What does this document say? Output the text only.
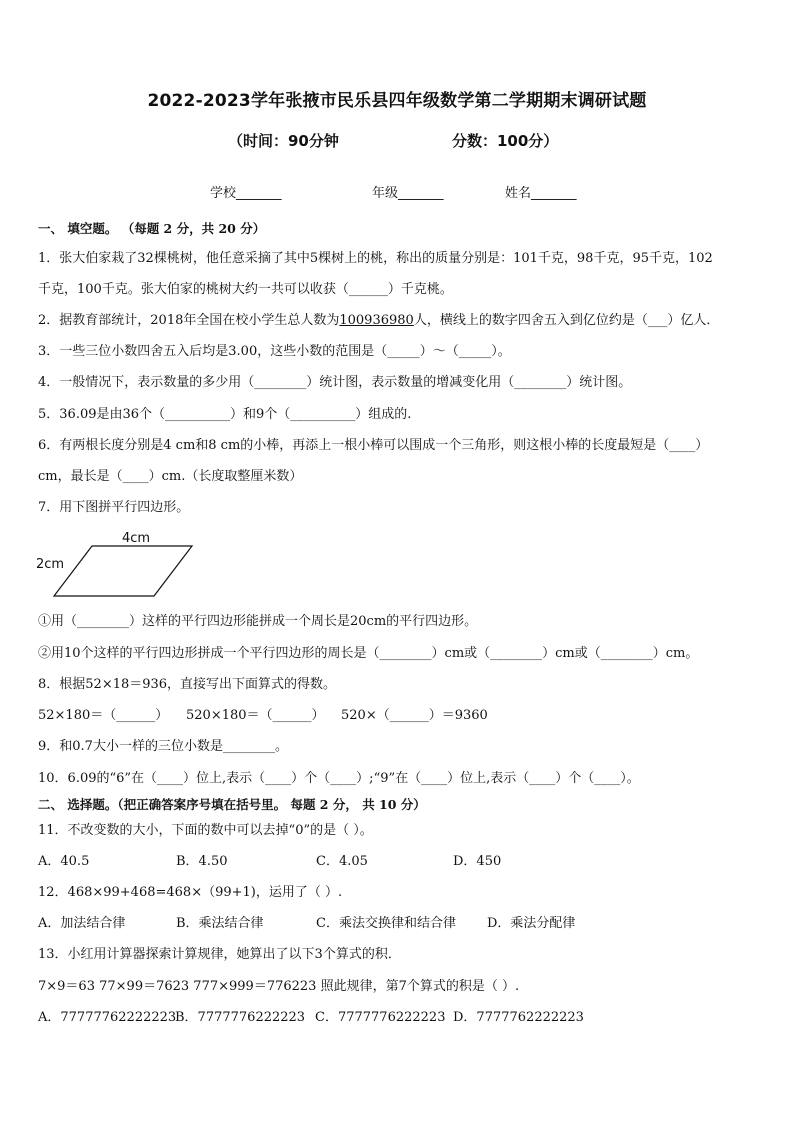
2022-2023学年张掖市民乐县四年级数学第二学期期末调研试题
（时间：90分钟	分数：100分）
学校_______	年级_______	姓名_______
一、 填空题。 （每题 2 分，共 20 分）
1．张大伯家栽了32棵桃树，他任意采摘了其中5棵树上的桃，称出的质量分别是：101千克，98千克，95千克，102
千克，100千克。张大伯家的桃树大约一共可以收获（______）千克桃。
2．据教育部统计，2018年全国在校小学生总人数为100936980人，横线上的数字四舍五入到亿位约是（___）亿人．
3．一些三位小数四舍五入后均是3.00，这些小数的范围是（_____）～（_____）。
4．一般情况下，表示数量的多少用（________）统计图，表示数量的增减变化用（________）统计图。
5．36.09是由36个（__________）和9个（__________）组成的.
6．有两根长度分别是4 cm和8 cm的小棒，再添上一根小棒可以围成一个三角形，则这根小棒的长度最短是（____）
cm，最长是（____）cm.（长度取整厘米数）
7．用下图拼平行四边形。
4cm
2cm
①用（________）这样的平行四边形能拼成一个周长是20cm的平行四边形。
②用10个这样的平行四边形拼成一个平行四边形的周长是（________）cm或（________）cm或（________）cm。
8．根据52×18＝936，直接写出下面算式的得数。
52×180＝（______） 520×180＝（______） 520×（______）＝9360
9．和0.7大小一样的三位小数是________。
10．6.09的“6”在（____）位上,表示（____）个（____）;“9”在（____）位上,表示（____）个（____）。
二、 选择题。（把正确答案序号填在括号里。 每题 2 分， 共 10 分）
11．不改变数的大小，下面的数中可以去掉“0”的是（ ）。
A．40.5	B．4.50	C．4.05	D．450
12．468×99+468=468×（99+1)，运用了（ ）.
A．加法结合律	B．乘法结合律	C．乘法交换律和结合律 D．乘法分配律
13．小红用计算器探索计算规律，她算出了以下3个算式的积．
7×9＝63 77×99＝7623 777×999＝776223 照此规律，第7个算式的积是（ ）.
A．77777762222223
B．7777776222223 C．7777776222223 D．7777762222223
